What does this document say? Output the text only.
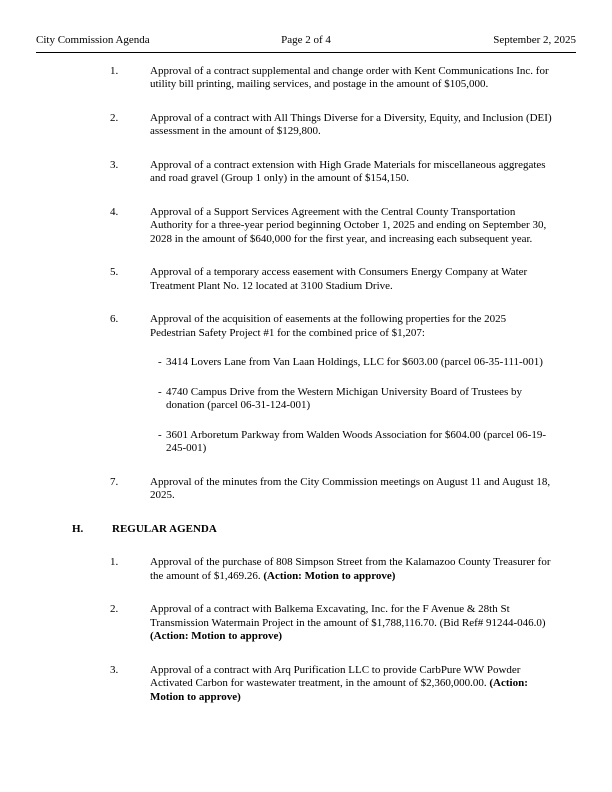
City Commission Agenda	Page 2 of 4	September 2, 2025
1.	Approval of a contract supplemental and change order with Kent Communications Inc. for utility bill printing, mailing services, and postage in the amount of $105,000.
2.	Approval of a contract with All Things Diverse for a Diversity, Equity, and Inclusion (DEI) assessment in the amount of $129,800.
3.	Approval of a contract extension with High Grade Materials for miscellaneous aggregates and road gravel (Group 1 only) in the amount of $154,150.
4.	Approval of a Support Services Agreement with the Central County Transportation Authority for a three-year period beginning October 1, 2025 and ending on September 30, 2028 in the amount of $640,000 for the first year, and increasing each subsequent year.
5.	Approval of a temporary access easement with Consumers Energy Company at Water Treatment Plant No. 12 located at 3100 Stadium Drive.
6.	Approval of the acquisition of easements at the following properties for the 2025 Pedestrian Safety Project #1 for the combined price of $1,207:
- 3414 Lovers Lane from Van Laan Holdings, LLC for $603.00 (parcel 06-35-111-001)
- 4740 Campus Drive from the Western Michigan University Board of Trustees by donation (parcel 06-31-124-001)
- 3601 Arboretum Parkway from Walden Woods Association for $604.00 (parcel 06-19-245-001)
7.	Approval of the minutes from the City Commission meetings on August 11 and August 18, 2025.
H.	REGULAR AGENDA
1.	Approval of the purchase of 808 Simpson Street from the Kalamazoo County Treasurer for the amount of $1,469.26. (Action: Motion to approve)
2.	Approval of a contract with Balkema Excavating, Inc. for the F Avenue & 28th St Transmission Watermain Project in the amount of $1,788,116.70. (Bid Ref# 91244-046.0) (Action: Motion to approve)
3.	Approval of a contract with Arq Purification LLC to provide CarbPure WW Powder Activated Carbon for wastewater treatment, in the amount of $2,360,000.00. (Action: Motion to approve)
